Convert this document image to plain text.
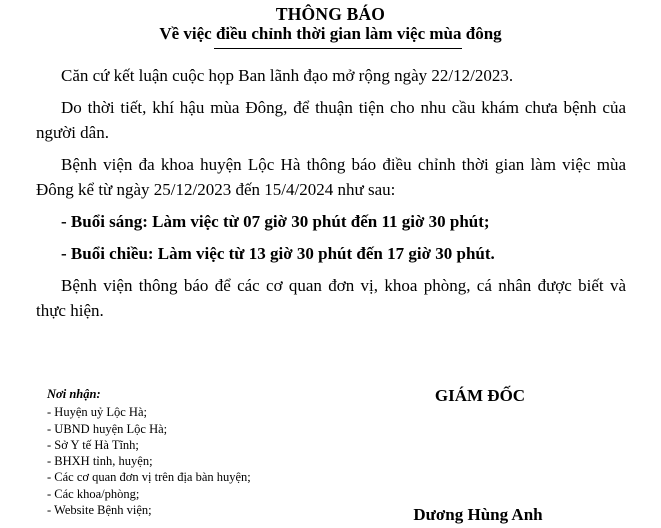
THÔNG BÁO
Về việc điều chỉnh thời gian làm việc mùa đông

Căn cứ kết luận cuộc họp Ban lãnh đạo mở rộng ngày 22/12/2023.

Do thời tiết, khí hậu mùa Đông, để thuận tiện cho nhu cầu khám chưa bệnh của người dân.

Bệnh viện đa khoa huyện Lộc Hà thông báo điều chỉnh thời gian làm việc mùa Đông kể từ ngày 25/12/2023 đến 15/4/2024 như sau:

- Buổi sáng: Làm việc từ 07 giờ 30 phút đến 11 giờ 30 phút;

- Buổi chiều: Làm việc từ 13 giờ 30 phút đến 17 giờ 30 phút.

Bệnh viện thông báo để các cơ quan đơn vị, khoa phòng, cá nhân được biết và thực hiện.

Nơi nhận:
- Huyện uỷ Lộc Hà;
- UBND huyện Lộc Hà;
- Sở Y tế Hà Tĩnh;
- BHXH tỉnh, huyện;
- Các cơ quan đơn vị trên địa bàn huyện;
- Các khoa/phòng;
- Website Bệnh viện;
GIÁM ĐỐC
Dương Hùng Anh
